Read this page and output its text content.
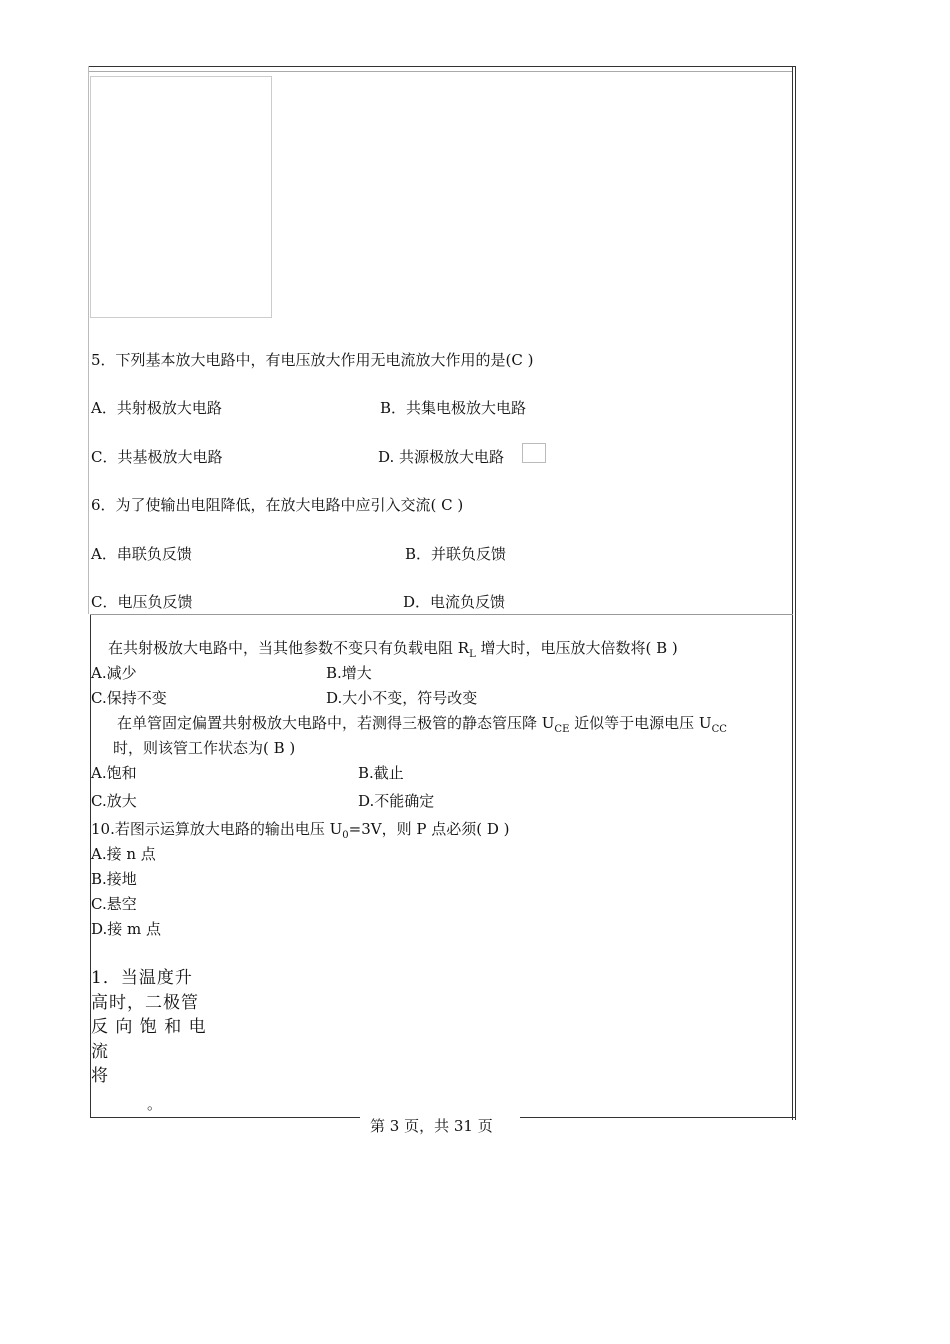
5．下列基本放大电路中，有电压放大作用无电流放大作用的是(C )
A．共射极放大电路	B．共集电极放大电路
C．共基极放大电路	D. 共源极放大电路
6．为了使输出电阻降低，在放大电路中应引入交流( C )
A．串联负反馈	B．并联负反馈
C．电压负反馈	D．电流负反馈
在共射极放大电路中，当其他参数不变只有负载电阻 $R_L$ 增大时，电压放大倍数将( B )
A.减少	B.增大
C.保持不变	D.大小不变，符号改变
在单管固定偏置共射极放大电路中，若测得三极管的静态管压降 $U_{CE}$ 近似等于电源电压 $U_{CC}$
时，则该管工作状态为( B )
A.饱和	B.截止
C.放大	D.不能确定
10.若图示运算放大电路的输出电压 $U_0=3V$，则 P 点必须( D )
A.接 n 点
B.接地
C.悬空
D.接 m 点
1．当温度升
高时，二极管
反 向 饱 和 电
流
将
。
第 3 页，共 31 页
